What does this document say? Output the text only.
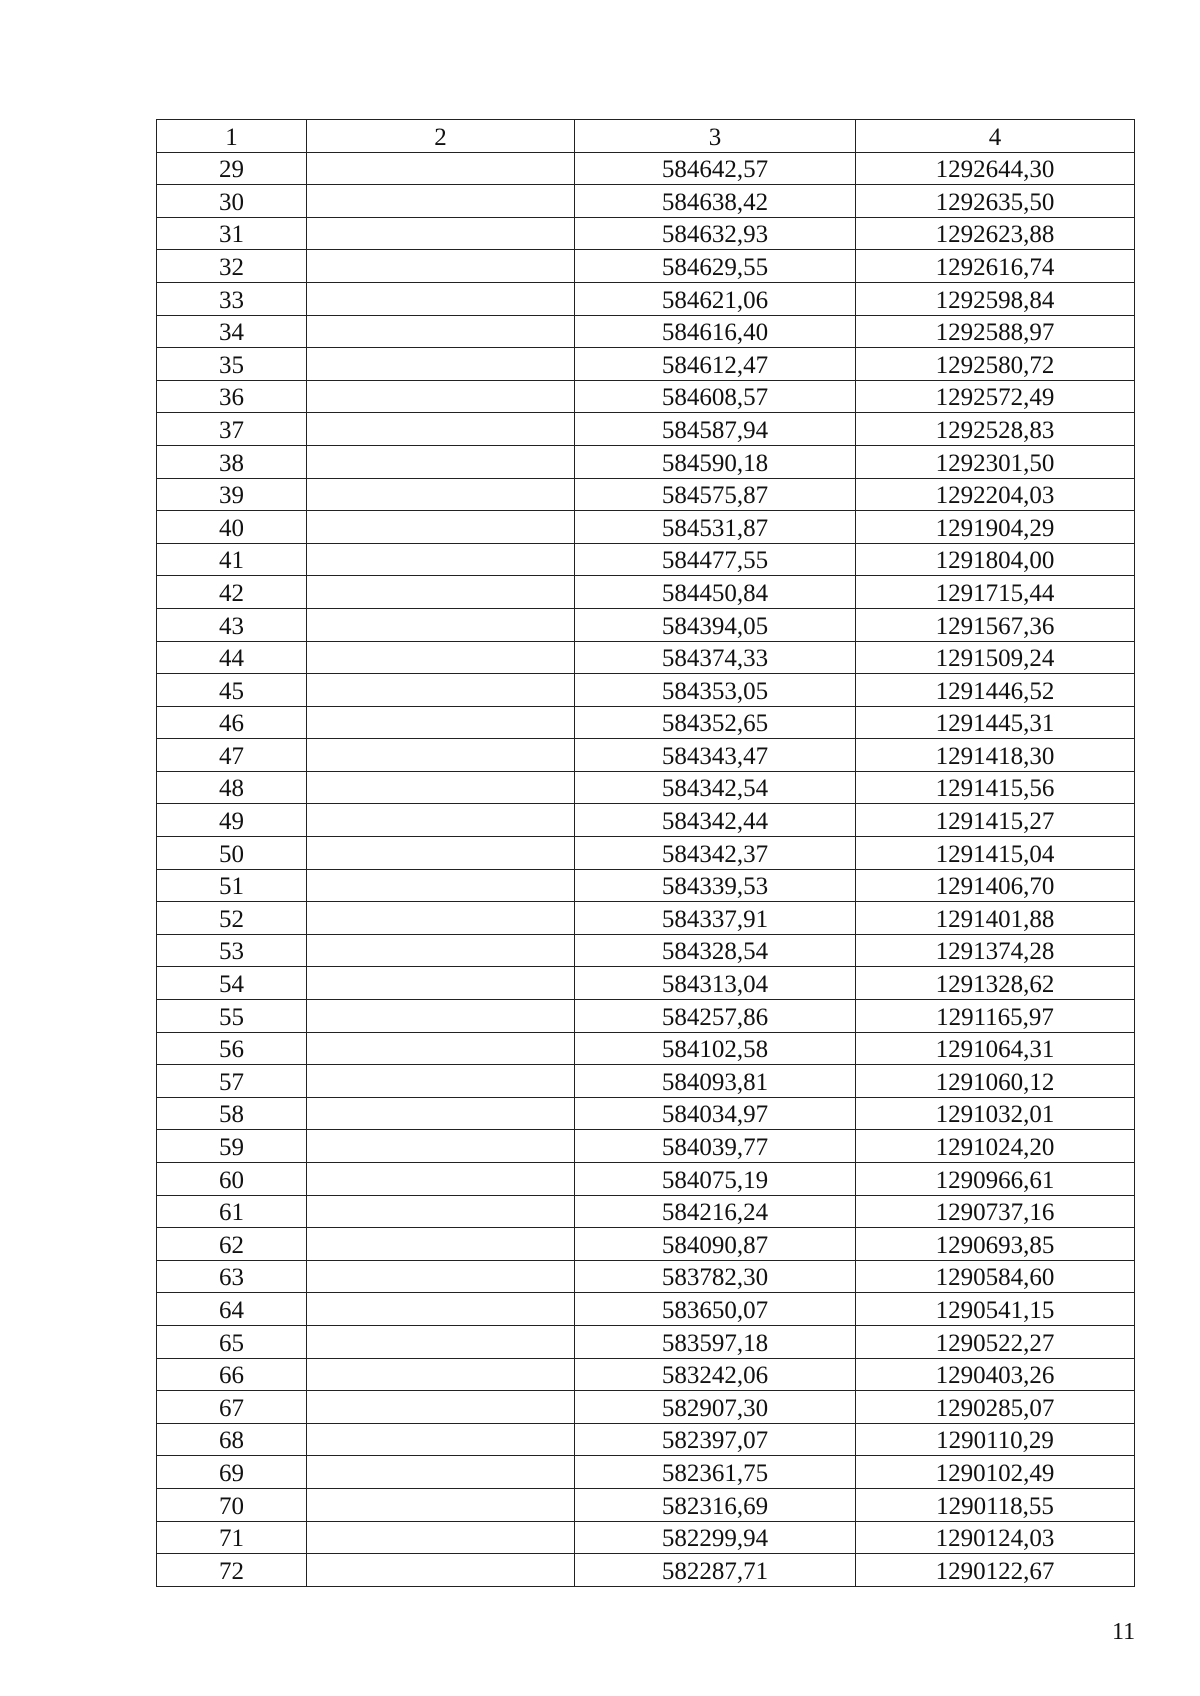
1	2	3	4
29		584642,57	1292644,30
30		584638,42	1292635,50
31		584632,93	1292623,88
32		584629,55	1292616,74
33		584621,06	1292598,84
34		584616,40	1292588,97
35		584612,47	1292580,72
36		584608,57	1292572,49
37		584587,94	1292528,83
38		584590,18	1292301,50
39		584575,87	1292204,03
40		584531,87	1291904,29
41		584477,55	1291804,00
42		584450,84	1291715,44
43		584394,05	1291567,36
44		584374,33	1291509,24
45		584353,05	1291446,52
46		584352,65	1291445,31
47		584343,47	1291418,30
48		584342,54	1291415,56
49		584342,44	1291415,27
50		584342,37	1291415,04
51		584339,53	1291406,70
52		584337,91	1291401,88
53		584328,54	1291374,28
54		584313,04	1291328,62
55		584257,86	1291165,97
56		584102,58	1291064,31
57		584093,81	1291060,12
58		584034,97	1291032,01
59		584039,77	1291024,20
60		584075,19	1290966,61
61		584216,24	1290737,16
62		584090,87	1290693,85
63		583782,30	1290584,60
64		583650,07	1290541,15
65		583597,18	1290522,27
66		583242,06	1290403,26
67		582907,30	1290285,07
68		582397,07	1290110,29
69		582361,75	1290102,49
70		582316,69	1290118,55
71		582299,94	1290124,03
72		582287,71	1290122,67
11
